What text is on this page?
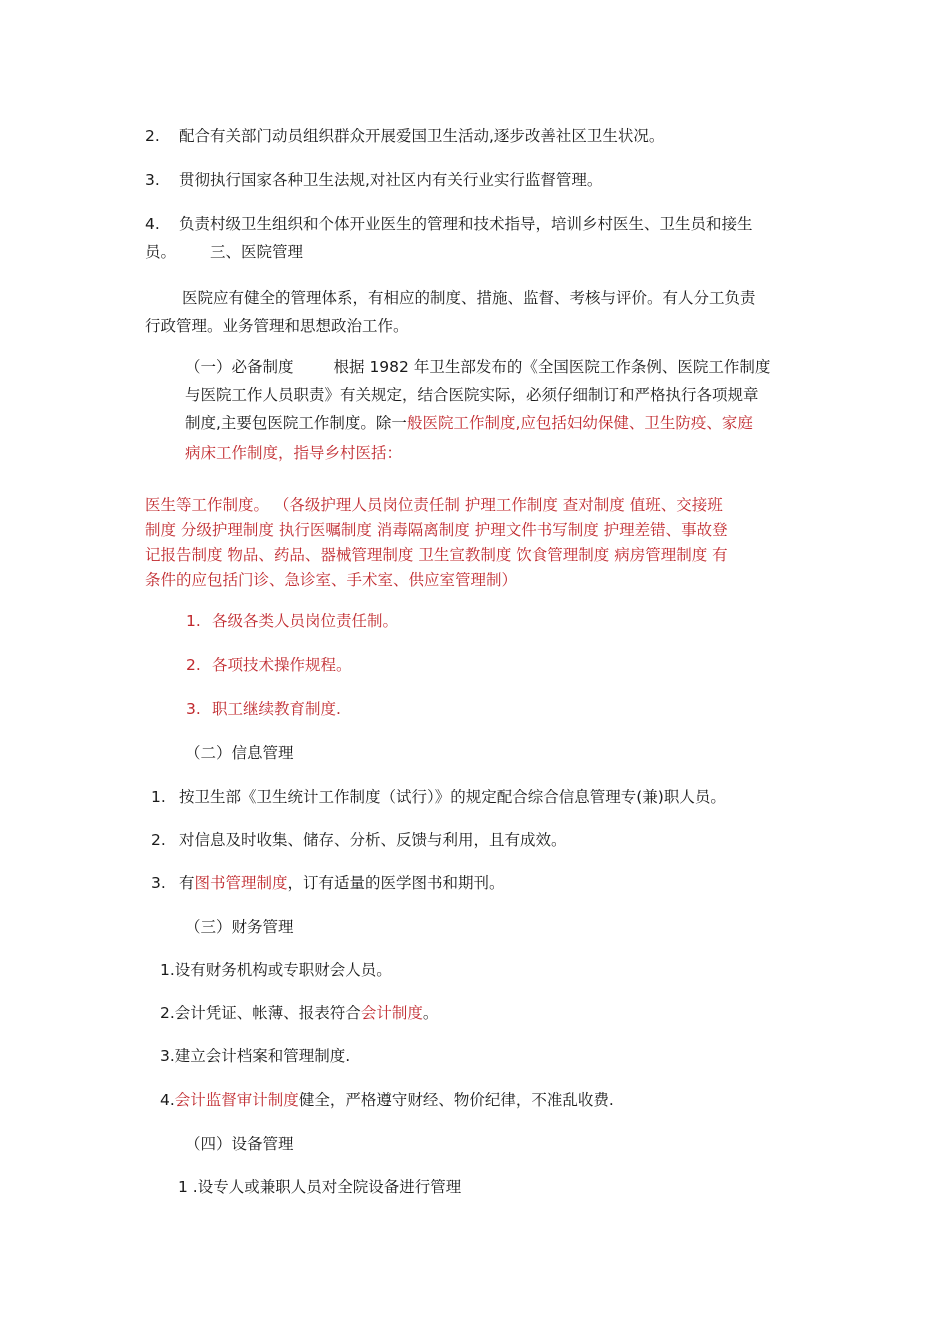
2. 配合有关部门动员组织群众开展爱国卫生活动,逐步改善社区卫生状况。
3. 贯彻执行国家各种卫生法规,对社区内有关行业实行监督管理。
4. 负责村级卫生组织和个体开业医生的管理和技术指导，培训乡村医生、卫生员和接生
员。 三、医院管理
医院应有健全的管理体系，有相应的制度、措施、监督、考核与评价。有人分工负责
行政管理。业务管理和思想政治工作。
（一）必备制度	根据 1982 年卫生部发布的《全国医院工作条例、医院工作制度
与医院工作人员职责》有关规定，结合医院实际，必须仔细制订和严格执行各项规章
制度,主要包医院工作制度。除一般医院工作制度,应包括妇幼保健、卫生防疫、家庭
病床工作制度，指导乡村医括：
医生等工作制度。 （各级护理人员岗位责任制 护理工作制度 查对制度 值班、交接班
制度 分级护理制度 执行医嘱制度 消毒隔离制度 护理文件书写制度 护理差错、事故登
记报告制度 物品、药品、器械管理制度 卫生宣教制度 饮食管理制度 病房管理制度 有
条件的应包括门诊、急诊室、手术室、供应室管理制）
1. 各级各类人员岗位责任制。
2. 各项技术操作规程。
3. 职工继续教育制度.
（二）信息管理
1. 按卫生部《卫生统计工作制度（试行）》的规定配合综合信息管理专(兼)职人员。
2. 对信息及时收集、储存、分析、反馈与利用，且有成效。
3. 有图书管理制度，订有适量的医学图书和期刊。
（三）财务管理
1.设有财务机构或专职财会人员。
2.会计凭证、帐薄、报表符合会计制度。
3.建立会计档案和管理制度.
4.会计监督审计制度健全，严格遵守财经、物价纪律，不准乱收费.
（四）设备管理
1 .设专人或兼职人员对全院设备进行管理
